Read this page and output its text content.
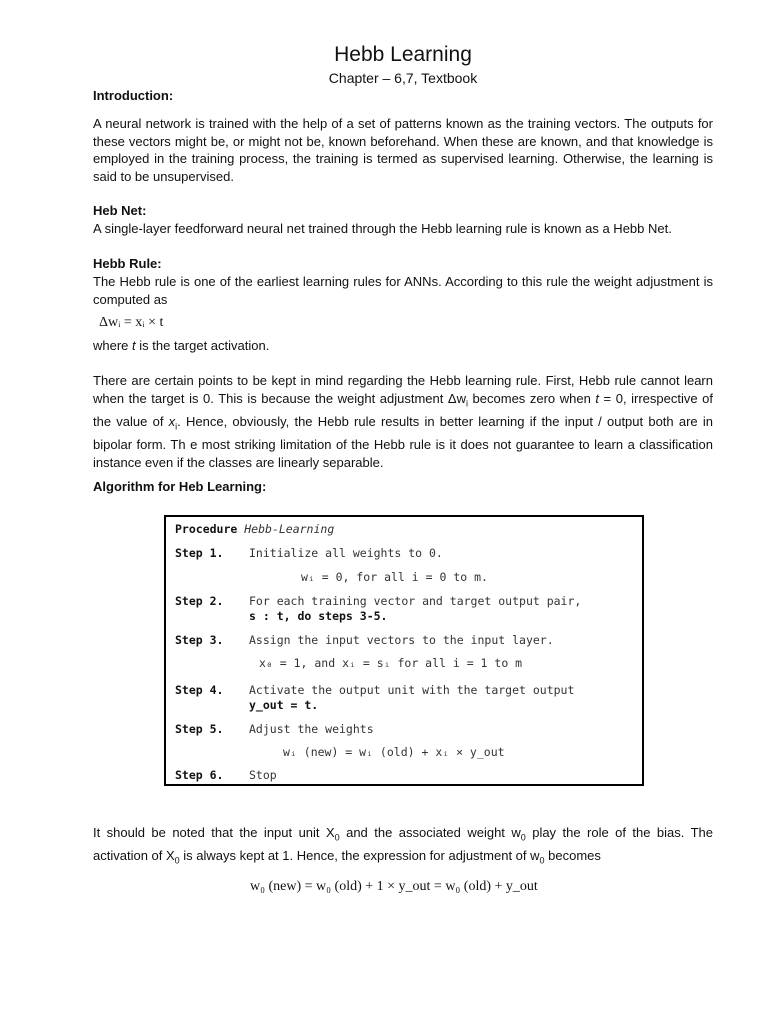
Hebb Learning
Chapter – 6,7, Textbook
Introduction:
A neural network is trained with the help of a set of patterns known as the training vectors. The outputs for these vectors might be, or might not be, known beforehand. When these are known, and that knowledge is employed in the training process, the training is termed as supervised learning. Otherwise, the learning is said to be unsupervised.
Heb Net:
A single-layer feedforward neural net trained through the Hebb learning rule is known as a Hebb Net.
Hebb Rule:
The Hebb rule is one of the earliest learning rules for ANNs. According to this rule the weight adjustment is computed as
Δwᵢ = xᵢ × t
where t is the target activation.
There are certain points to be kept in mind regarding the Hebb learning rule. First, Hebb rule cannot learn when the target is 0. This is because the weight adjustment $\Delta w_i$ becomes zero when t = 0, irrespective of the value of $x_i$. Hence, obviously, the Hebb rule results in better learning if the input / output both are in bipolar form. Th e most striking limitation of the Hebb rule is it does not guarantee to learn a classification instance even if the classes are linearly separable.
Algorithm for Heb Learning:
Procedure Hebb-Learning
Step 1. Initialize all weights to 0.
wᵢ = 0, for all i = 0 to m.
Step 2. For each training vector and target output pair,
s : t, do steps 3-5.
Step 3. Assign the input vectors to the input layer.
x₀ = 1, and xᵢ = sᵢ for all i = 1 to m
Step 4. Activate the output unit with the target output
y_out = t.
Step 5. Adjust the weights
wᵢ (new) = wᵢ (old) + xᵢ × y_out
Step 6. Stop
It should be noted that the input unit $X_0$ and the associated weight $w_0$ play the role of the bias. The activation of $X_0$ is always kept at 1. Hence, the expression for adjustment of $w_0$ becomes
w₀ (new) = w₀ (old) + 1 × y_out = w₀ (old) + y_out
